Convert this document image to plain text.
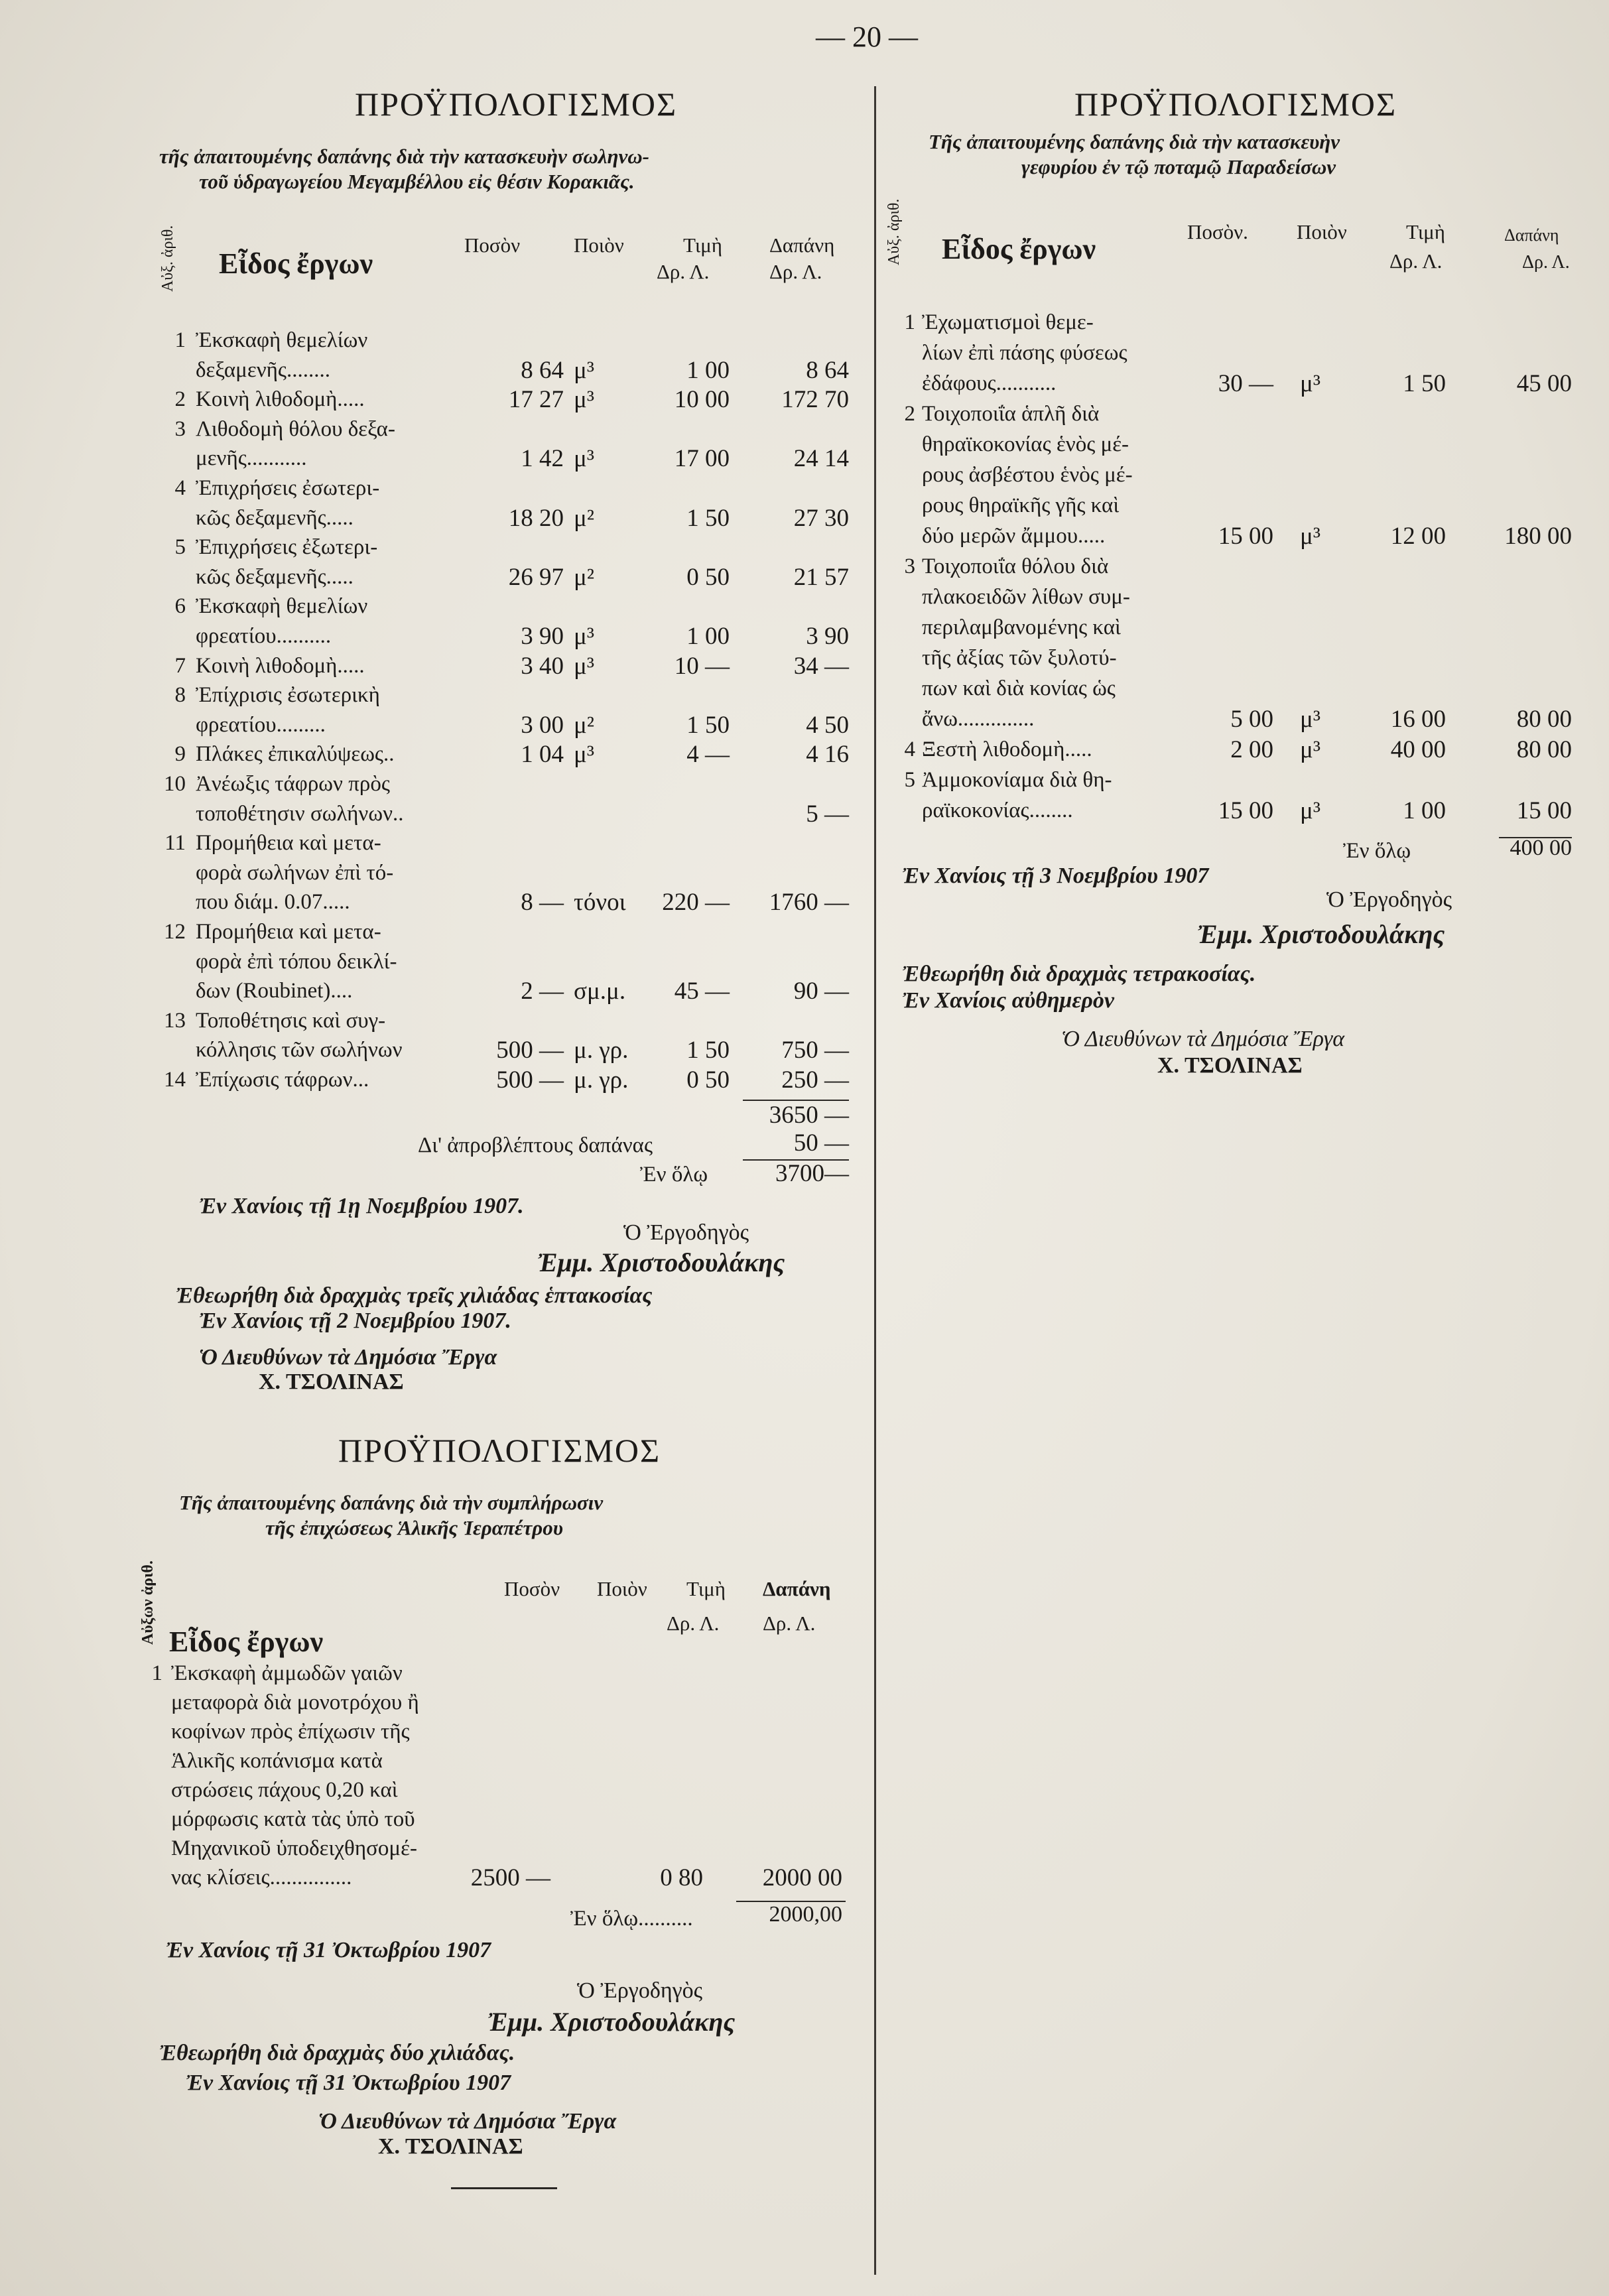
— 20 —
ΠΡΟΫΠΟΛΟΓΙΣΜΟΣ
τῆς ἀπαιτουμένης δαπάνης διὰ τὴν κατασκευὴν σωληνω-
τοῦ ὑδραγωγείου Μεγαμβέλλου εἰς θέσιν Κορακιᾶς.
Αὐξ. ἀριθ. Εἶδος ἔργων
Ποσὸν	Ποιὸν	Τιμὴ Δαπάνη
Δρ. Λ.	Δρ. Λ.
1 Ἐκσκαφὴ θεμελίων
δεξαμενῆς........	8 64 μ³	1 00	8 64
2 Κοινὴ λιθοδομὴ.....	17 27 μ³	10 00	172 70
3 Λιθοδομὴ θόλου δεξα-
μενῆς...........	1 42 μ³	17 00	24 14
4 Ἐπιχρήσεις ἐσωτερι-
κῶς δεξαμενῆς.....	18 20 μ²	1 50	27 30
5 Ἐπιχρήσεις ἐξωτερι-
κῶς δεξαμενῆς.....	26 97 μ²	0 50	21 57
6 Ἐκσκαφὴ θεμελίων
φρεατίου..........	3 90 μ³	1 00	3 90
7 Κοινὴ λιθοδομὴ.....	3 40 μ³	10 —	34 —
8 Ἐπίχρισις ἐσωτερικὴ
φρεατίου.........	3 00 μ²	1 50	4 50
9 Πλάκες ἐπικαλύψεως..	1 04 μ³	4 —	4 16
10 Ἀνέωξις τάφρων πρὸς
τοποθέτησιν σωλήνων..	5 —
11 Προμήθεια καὶ μετα-
φορὰ σωλήνων ἐπὶ τό-
που διάμ. 0.07.....	8 — τόνοι	220 —	1760 —
12 Προμήθεια καὶ μετα-
φορὰ ἐπὶ τόπου δεικλί-
δων (Roubinet)....	2 — σμ.μ.	45 —	90 —
13 Τοποθέτησις καὶ συγ-
κόλλησις τῶν σωλήνων	500 — μ. γρ.	1 50	750 —
14 Ἐπίχωσις τάφρων...	500 — μ. γρ.	0 50	250 —
3650 —
Δι' ἀπροβλέπτους δαπάνας	50 —
Ἐν ὅλῳ	3700—
Ἐν Χανίοις τῇ 1ῃ Νοεμβρίου 1907.
Ὁ Ἐργοδηγὸς
Ἐμμ. Χριστοδουλάκης
Ἐθεωρήθη διὰ δραχμὰς τρεῖς χιλιάδας ἑπτακοσίας
Ἐν Χανίοις τῇ 2 Νοεμβρίου 1907.
Ὁ Διευθύνων τὰ Δημόσια Ἔργα
Χ. ΤΣΟΛΙΝΑΣ
ΠΡΟΫΠΟΛΟΓΙΣΜΟΣ
Τῆς ἀπαιτουμένης δαπάνης διὰ τὴν συμπλήρωσιν
τῆς ἐπιχώσεως Ἁλικῆς Ἱεραπέτρου
Αὐξων ἀριθ. Εἶδος ἔργων
Ποσὸν Ποιὸν Τιμὴ Δαπάνη
Δρ. Λ. Δρ. Λ.
1 Ἐκσκαφὴ ἀμμωδῶν γαιῶν
μεταφορὰ διὰ μονοτρόχου ἢ
κοφίνων πρὸς ἐπίχωσιν τῆς
Ἁλικῆς κοπάνισμα κατὰ
στρώσεις πάχους 0,20 καὶ
μόρφωσις κατὰ τὰς ὑπὸ τοῦ
Μηχανικοῦ ὑποδειχθησομέ-
νας κλίσεις...............	2500 —	0 80	2000 00
Ἐν ὅλῳ..........	2000,00
Ἐν Χανίοις τῇ 31 Ὀκτωβρίου 1907
Ὁ Ἐργοδηγὸς
Ἐμμ. Χριστοδουλάκης
Ἐθεωρήθη διὰ δραχμὰς δύο χιλιάδας.
Ἐν Χανίοις τῇ 31 Ὀκτωβρίου 1907
Ὁ Διευθύνων τὰ Δημόσια Ἔργα
Χ. ΤΣΟΛΙΝΑΣ
ΠΡΟΫΠΟΛΟΓΙΣΜΟΣ
Τῆς ἀπαιτουμένης δαπάνης διὰ τὴν κατασκευὴν
γεφυρίου ἐν τῷ ποταμῷ Παραδείσων
Αὐξ. ἀριθ. Εἶδος ἔργων
Ποσὸν. Ποιὸν	Τιμὴ	Δαπάνη
Δρ. Λ.	Δρ. Λ.
1 Ἐχωματισμοὶ θεμε-
λίων ἐπὶ πάσης φύσεως
ἐδάφους...........	30 — μ³	1 50	45 00
2 Τοιχοποιΐα ἁπλῆ διὰ
θηραϊκοκονίας ἑνὸς μέ-
ρους ἀσβέστου ἑνὸς μέ-
ρους θηραϊκῆς γῆς καὶ
δύο μερῶν ἄμμου.....	15 00 μ³	12 00	180 00
3 Τοιχοποιΐα θόλου διὰ
πλακοειδῶν λίθων συμ-
περιλαμβανομένης καὶ
τῆς ἀξίας τῶν ξυλοτύ-
πων καὶ διὰ κονίας ὡς
ἄνω..............	5 00 μ³	16 00	80 00
4 Ξεστὴ λιθοδομὴ.....	2 00 μ³	40 00	80 00
5 Ἀμμοκονίαμα διὰ θη-
ραϊκοκονίας........	15 00 μ³	1 00	15 00
Ἐν ὅλῳ	400 00
Ἐν Χανίοις τῇ 3 Νοεμβρίου 1907
Ὁ Ἐργοδηγὸς
Ἐμμ. Χριστοδουλάκης
Ἐθεωρήθη διὰ δραχμὰς τετρακοσίας.
Ἐν Χανίοις αὐθημερὸν
Ὁ Διευθύνων τὰ Δημόσια Ἔργα
Χ. ΤΣΟΛΙΝΑΣ
